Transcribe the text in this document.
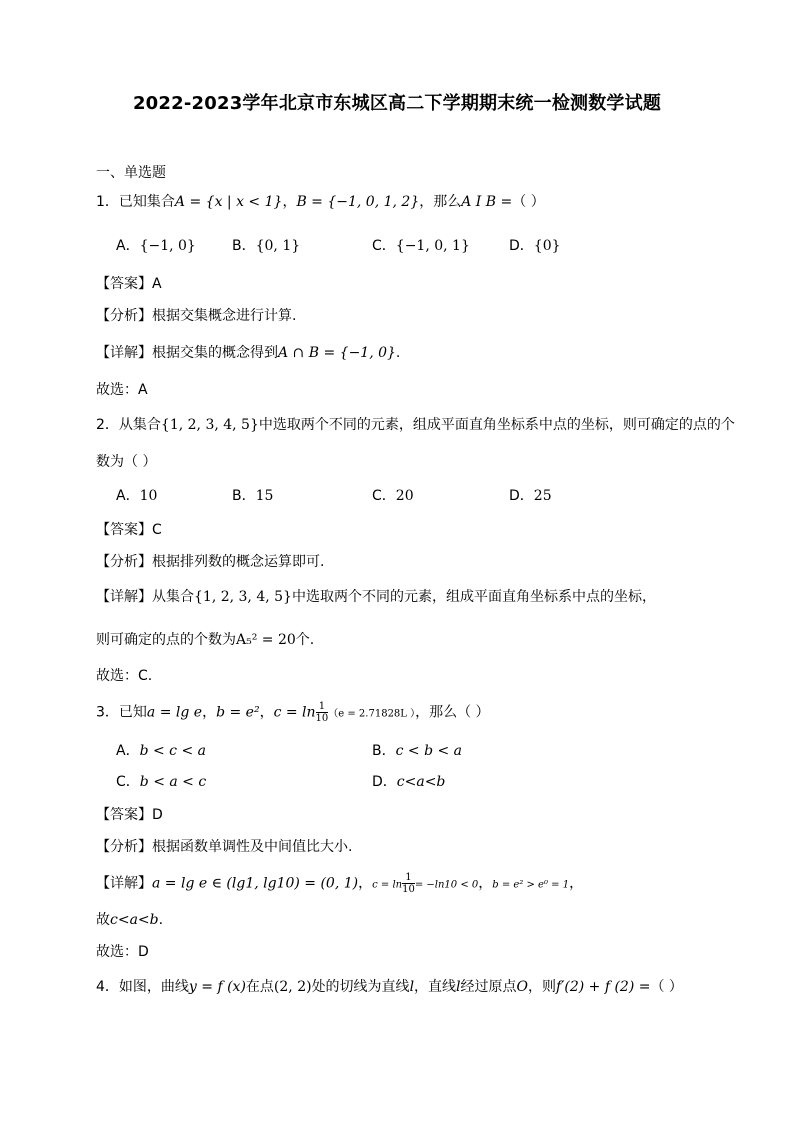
2022-2023学年北京市东城区高二下学期期末统一检测数学试题
一、单选题
1．已知集合A = {x | x < 1}，B = {−1, 0, 1, 2}，那么A I B =（ ）
A．{−1, 0}	B．{0, 1}	C．{−1, 0, 1}	D．{0}
【答案】A
【分析】根据交集概念进行计算.
【详解】根据交集的概念得到A ∩ B = {−1, 0}.
故选：A
2．从集合{1, 2, 3, 4, 5}中选取两个不同的元素，组成平面直角坐标系中点的坐标，则可确定的点的个
数为（ ）
A．10	B．15	C．20	D．25
【答案】C
【分析】根据排列数的概念运算即可.
【详解】从集合{1, 2, 3, 4, 5}中选取两个不同的元素，组成平面直角坐标系中点的坐标，
则可确定的点的个数为A₅² = 20个.
故选：C.
3．已知a = lg e，b = e²，$c = \ln \frac{1}{10} (e = 2.71828L$ ），那么（ ）
A．b < c < a	B．c < b < a
C．b < a < c	D．c<a<b
【答案】D
【分析】根据函数单调性及中间值比大小.
【详解】a = lg e ∈ (lg1, lg10) = (0, 1)，$c = \ln \frac{1}{10} = -\ln 10 < 0$，b = e² > e⁰ = 1，
故c<a<b.
故选：D
4．如图，曲线y = f (x)在点(2, 2)处的切线为直线l，直线l经过原点O，则f′(2) + f (2) =（ ）
